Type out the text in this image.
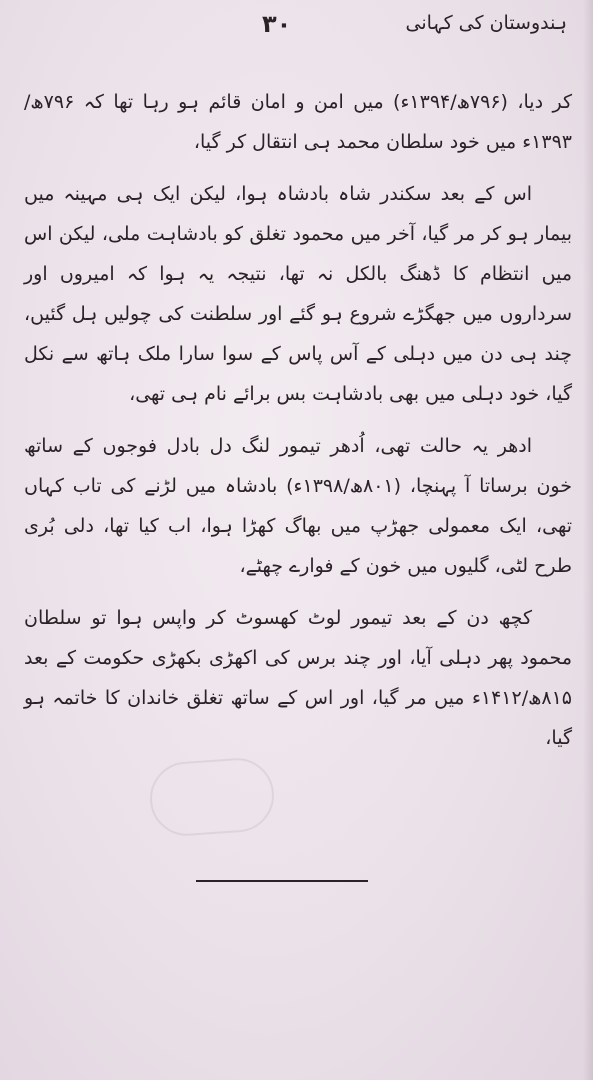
۳۰	ہندوستان کی کہانی

کر دیا، (۷۹۶ھ/۱۳۹۴ء) میں امن و امان قائم ہو رہا تھا کہ ۷۹۶ھ/۱۳۹۳ء میں خود سلطان محمد ہی انتقال کر گیا،

اس کے بعد سکندر شاہ بادشاہ ہوا، لیکن ایک ہی مہینہ میں بیمار ہو کر مر گیا، آخر میں محمود تغلق کو بادشاہت ملی، لیکن اس میں انتظام کا ڈھنگ بالکل نہ تھا، نتیجہ یہ ہوا کہ امیروں اور سرداروں میں جھگڑے شروع ہو گئے اور سلطنت کی چولیں ہل گئیں، چند ہی دن میں دہلی کے آس پاس کے سوا سارا ملک ہاتھ سے نکل گیا، خود دہلی میں بھی بادشاہت بس برائے نام ہی تھی،

ادھر یہ حالت تھی، اُدھر تیمور لنگ دل بادل فوجوں کے ساتھ خون برساتا آ پہنچا، (۸۰۱ھ/۱۳۹۸ء) بادشاہ میں لڑنے کی تاب کہاں تھی، ایک معمولی جھڑپ میں بھاگ کھڑا ہوا، اب کیا تھا، دلی بُری طرح لٹی، گلیوں میں خون کے فوارے چھٹے،

کچھ دن کے بعد تیمور لوٹ کھسوٹ کر واپس ہوا تو سلطان محمود پھر دہلی آیا، اور چند برس کی اکھڑی بکھڑی حکومت کے بعد ۸۱۵ھ/۱۴۱۲ء میں مر گیا، اور اس کے ساتھ تغلق خاندان کا خاتمہ ہو گیا،
